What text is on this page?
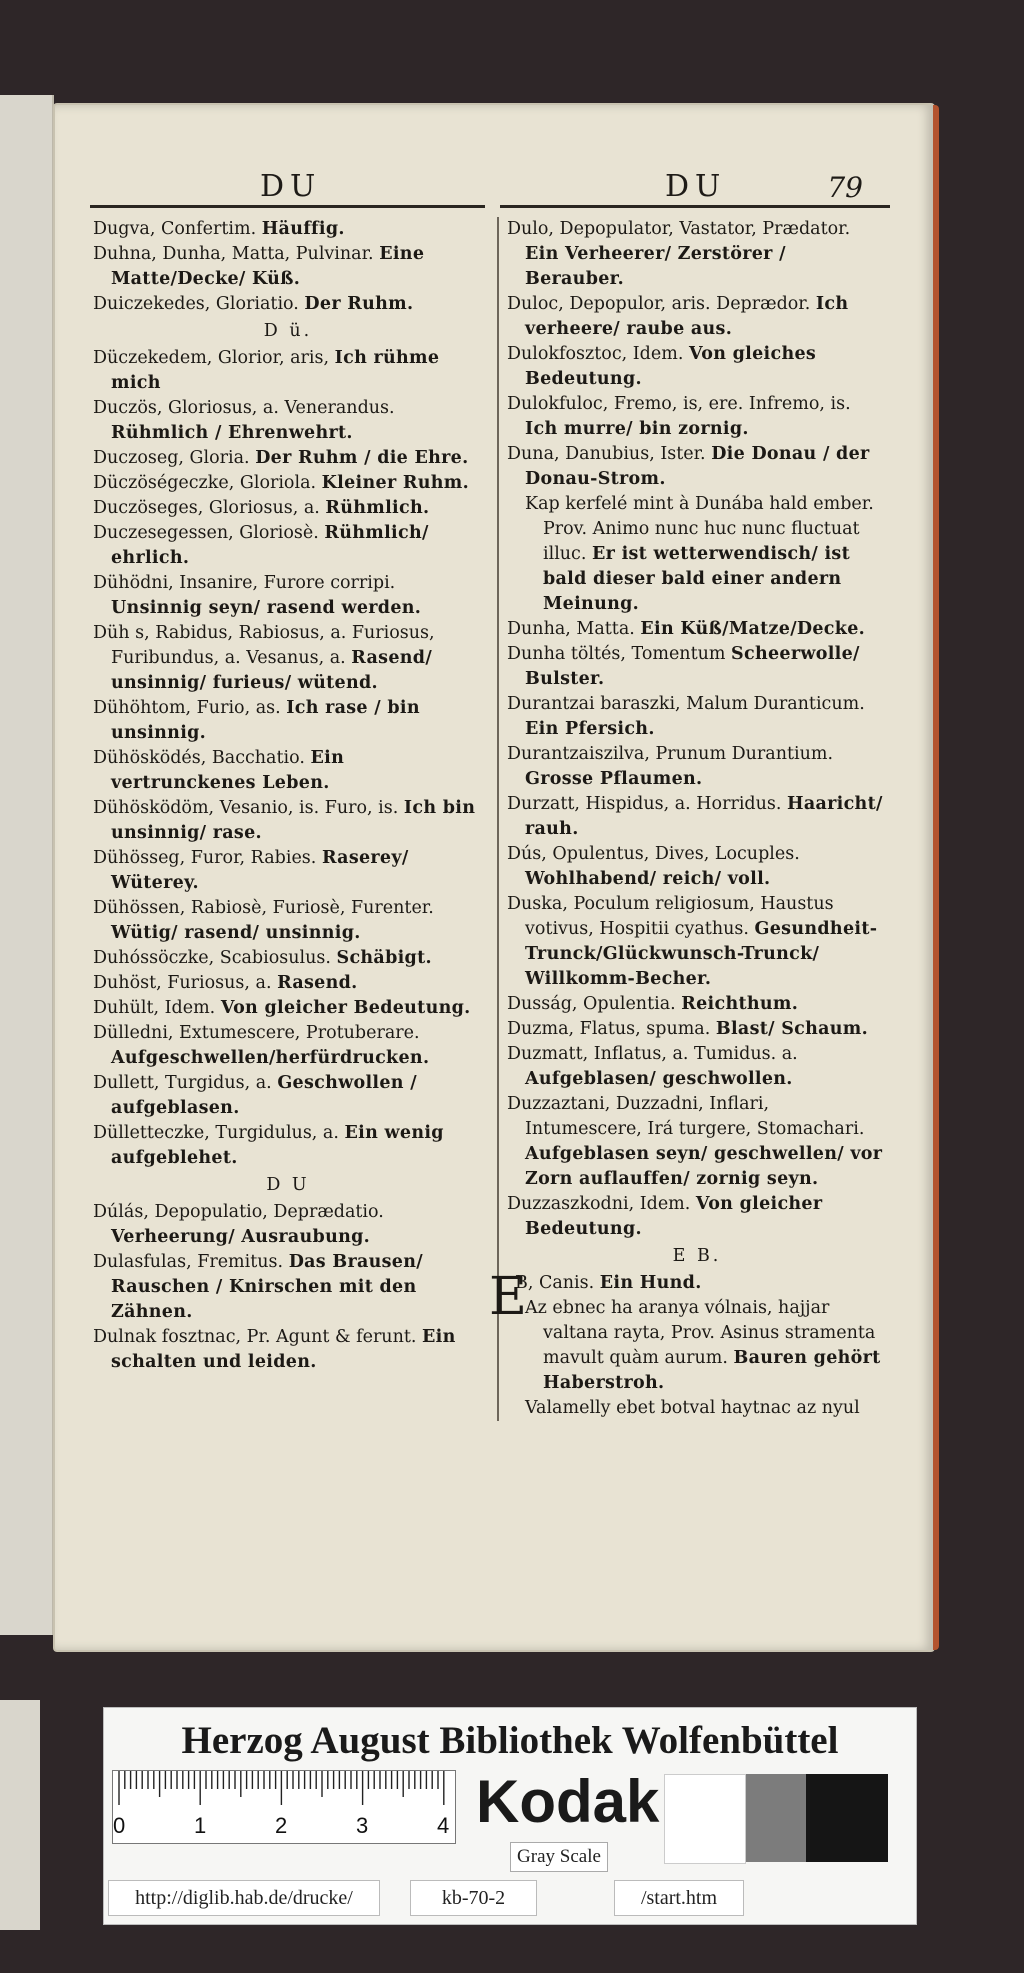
DU	DU	79
Dugva, Confertim. Häuffig.
Duhna, Dunha, Matta, Pulvinar. Eine Matte/Decke/ Küß.
Duiczekedes, Gloriatio. Der Ruhm.
D ü.
Düczekedem, Glorior, aris, Ich rühme mich
Duczös, Gloriosus, a. Venerandus. Rühmlich / Ehrenwehrt.
Duczoseg, Gloria. Der Ruhm / die Ehre.
Düczöségeczke, Gloriola. Kleiner Ruhm.
Duczöseges, Gloriosus, a. Rühmlich.
Duczesegessen, Gloriosè. Rühmlich/ ehrlich.
Dühödni, Insanire, Furore corripi. Unsinnig seyn/ rasend werden.
Düh s, Rabidus, Rabiosus, a. Furiosus, Furibundus, a. Vesanus, a. Rasend/ unsinnig/ furieus/ wütend.
Dühöhtom, Furio, as. Ich rase / bin unsinnig.
Dühösködés, Bacchatio. Ein vertrunckenes Leben.
Dühösködöm, Vesanio, is. Furo, is. Ich bin unsinnig/ rase.
Dühösseg, Furor, Rabies. Raserey/ Wüterey.
Dühössen, Rabiosè, Furiosè, Furenter. Wütig/ rasend/ unsinnig.
Duhóssöczke, Scabiosulus. Schäbigt.
Duhöst, Furiosus, a. Rasend.
Duhült, Idem. Von gleicher Bedeutung.
Dülledni, Extumescere, Protuberare. Aufgeschwellen/herfürdrucken.
Dullett, Turgidus, a. Geschwollen / aufgeblasen.
Dülletteczke, Turgidulus, a. Ein wenig aufgeblehet.
D U
Dúlás, Depopulatio, Deprædatio. Verheerung/ Ausraubung.
Dulasfulas, Fremitus. Das Brausen/ Rauschen / Knirschen mit den Zähnen.
Dulnak fosztnac, Pr. Agunt & ferunt. Ein schalten und leiden.
Dulo, Depopulator, Vastator, Prædator. Ein Verheerer/ Zerstörer / Berauber.
Duloc, Depopulor, aris. Deprædor. Ich verheere/ raube aus.
Dulokfosztoc, Idem. Von gleiches Bedeutung.
Dulokfuloc, Fremo, is, ere. Infremo, is. Ich murre/ bin zornig.
Duna, Danubius, Ister. Die Donau / der Donau-Strom.
Kap kerfelé mint à Dunába hald ember. Prov. Animo nunc huc nunc fluctuat illuc. Er ist wetterwendisch/ ist bald dieser bald einer andern Meinung.
Dunha, Matta. Ein Küß/Matze/Decke.
Dunha töltés, Tomentum Scheerwolle/ Bulster.
Durantzai baraszki, Malum Duranticum. Ein Pfersich.
Durantzaiszilva, Prunum Durantium. Grosse Pflaumen.
Durzatt, Hispidus, a. Horridus. Haaricht/ rauh.
Dús, Opulentus, Dives, Locuples. Wohlhabend/ reich/ voll.
Duska, Poculum religiosum, Haustus votivus, Hospitii cyathus. Gesundheit-Trunck/Glückwunsch-Trunck/ Willkomm-Becher.
Dusság, Opulentia. Reichthum.
Duzma, Flatus, spuma. Blast/ Schaum.
Duzmatt, Inflatus, a. Tumidus. a. Aufgeblasen/ geschwollen.
Duzzaztani, Duzzadni, Inflari, Intumescere, Irá turgere, Stomachari. Aufgeblasen seyn/ geschwellen/ vor Zorn auflauffen/ zornig seyn.
Duzzaszkodni, Idem. Von gleicher Bedeutung.
E B.
E
B, Canis. Ein Hund.
Az ebnec ha aranya vólnais, hajjar valtana rayta, Prov. Asinus stramenta mavult quàm aurum. Bauren gehört Haberstroh.
Valamelly ebet botval haytnac az nyul
Herzog August Bibliothek Wolfenbüttel
0	1	2	3	4 Kodak
Gray Scale
http://diglib.hab.de/drucke/	kb-70-2	/start.htm
